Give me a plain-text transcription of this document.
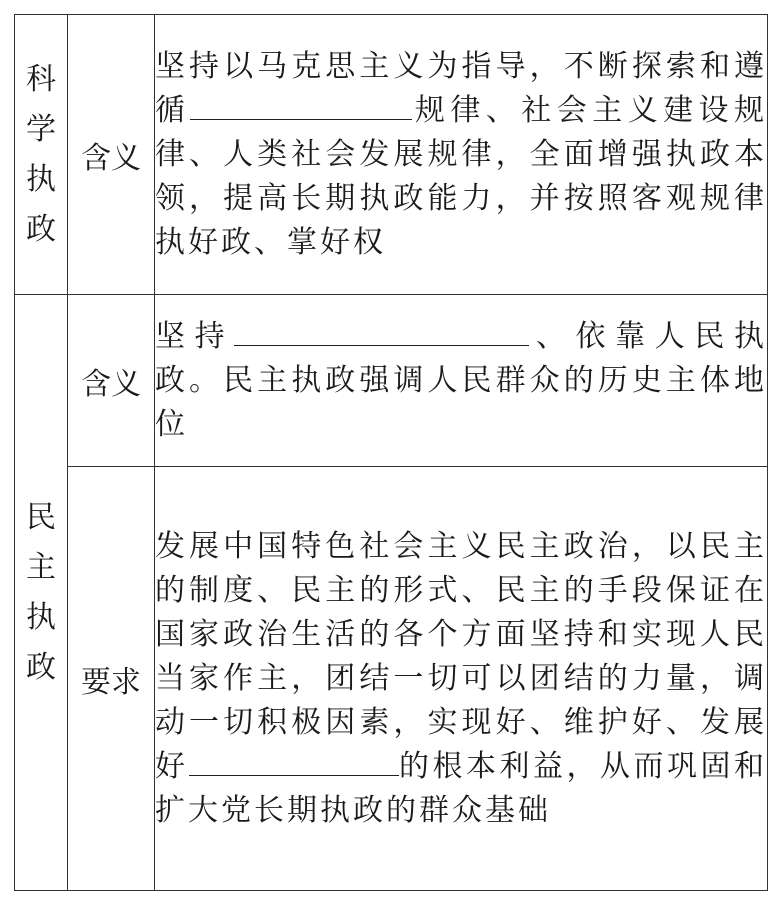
科
学
执
政	含义	坚持以马克思主义为指导，不断探索和遵循 规律、社会主义建设规律、人类社会发展规律，全面增强执政本领，提高长期执政能力，并按照客观规律执好政、掌好权

民
主
执
政	含义	坚持 、依靠人民执政。民主执政强调人民群众的历史主体地位
	要求	发展中国特色社会主义民主政治，以民主的制度、民主的形式、民主的手段保证在国家政治生活的各个方面坚持和实现人民当家作主，团结一切可以团结的力量，调动一切积极因素，实现好、维护好、发展好 的根本利益，从而巩固和扩大党长期执政的群众基础
